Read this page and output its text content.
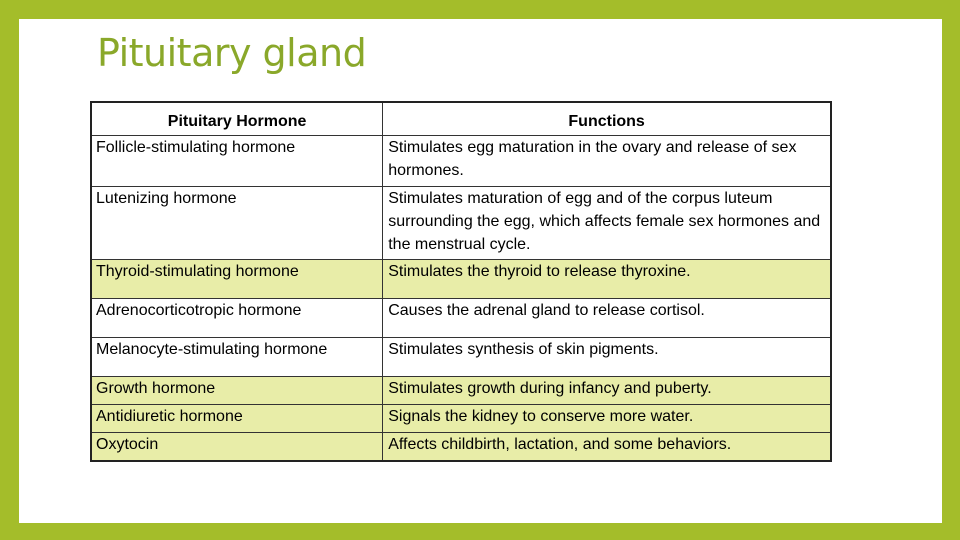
Pituitary gland
Pituitary Hormone	Functions
Follicle-stimulating hormone	Stimulates egg maturation in the ovary and release of sex hormones.
Lutenizing hormone	Stimulates maturation of egg and of the corpus luteum surrounding the egg, which affects female sex hormones and the menstrual cycle.
Thyroid-stimulating hormone	Stimulates the thyroid to release thyroxine.
Adrenocorticotropic hormone	Causes the adrenal gland to release cortisol.
Melanocyte-stimulating hormone	Stimulates synthesis of skin pigments.
Growth hormone	Stimulates growth during infancy and puberty.
Antidiuretic hormone	Signals the kidney to conserve more water.
Oxytocin	Affects childbirth, lactation, and some behaviors.
